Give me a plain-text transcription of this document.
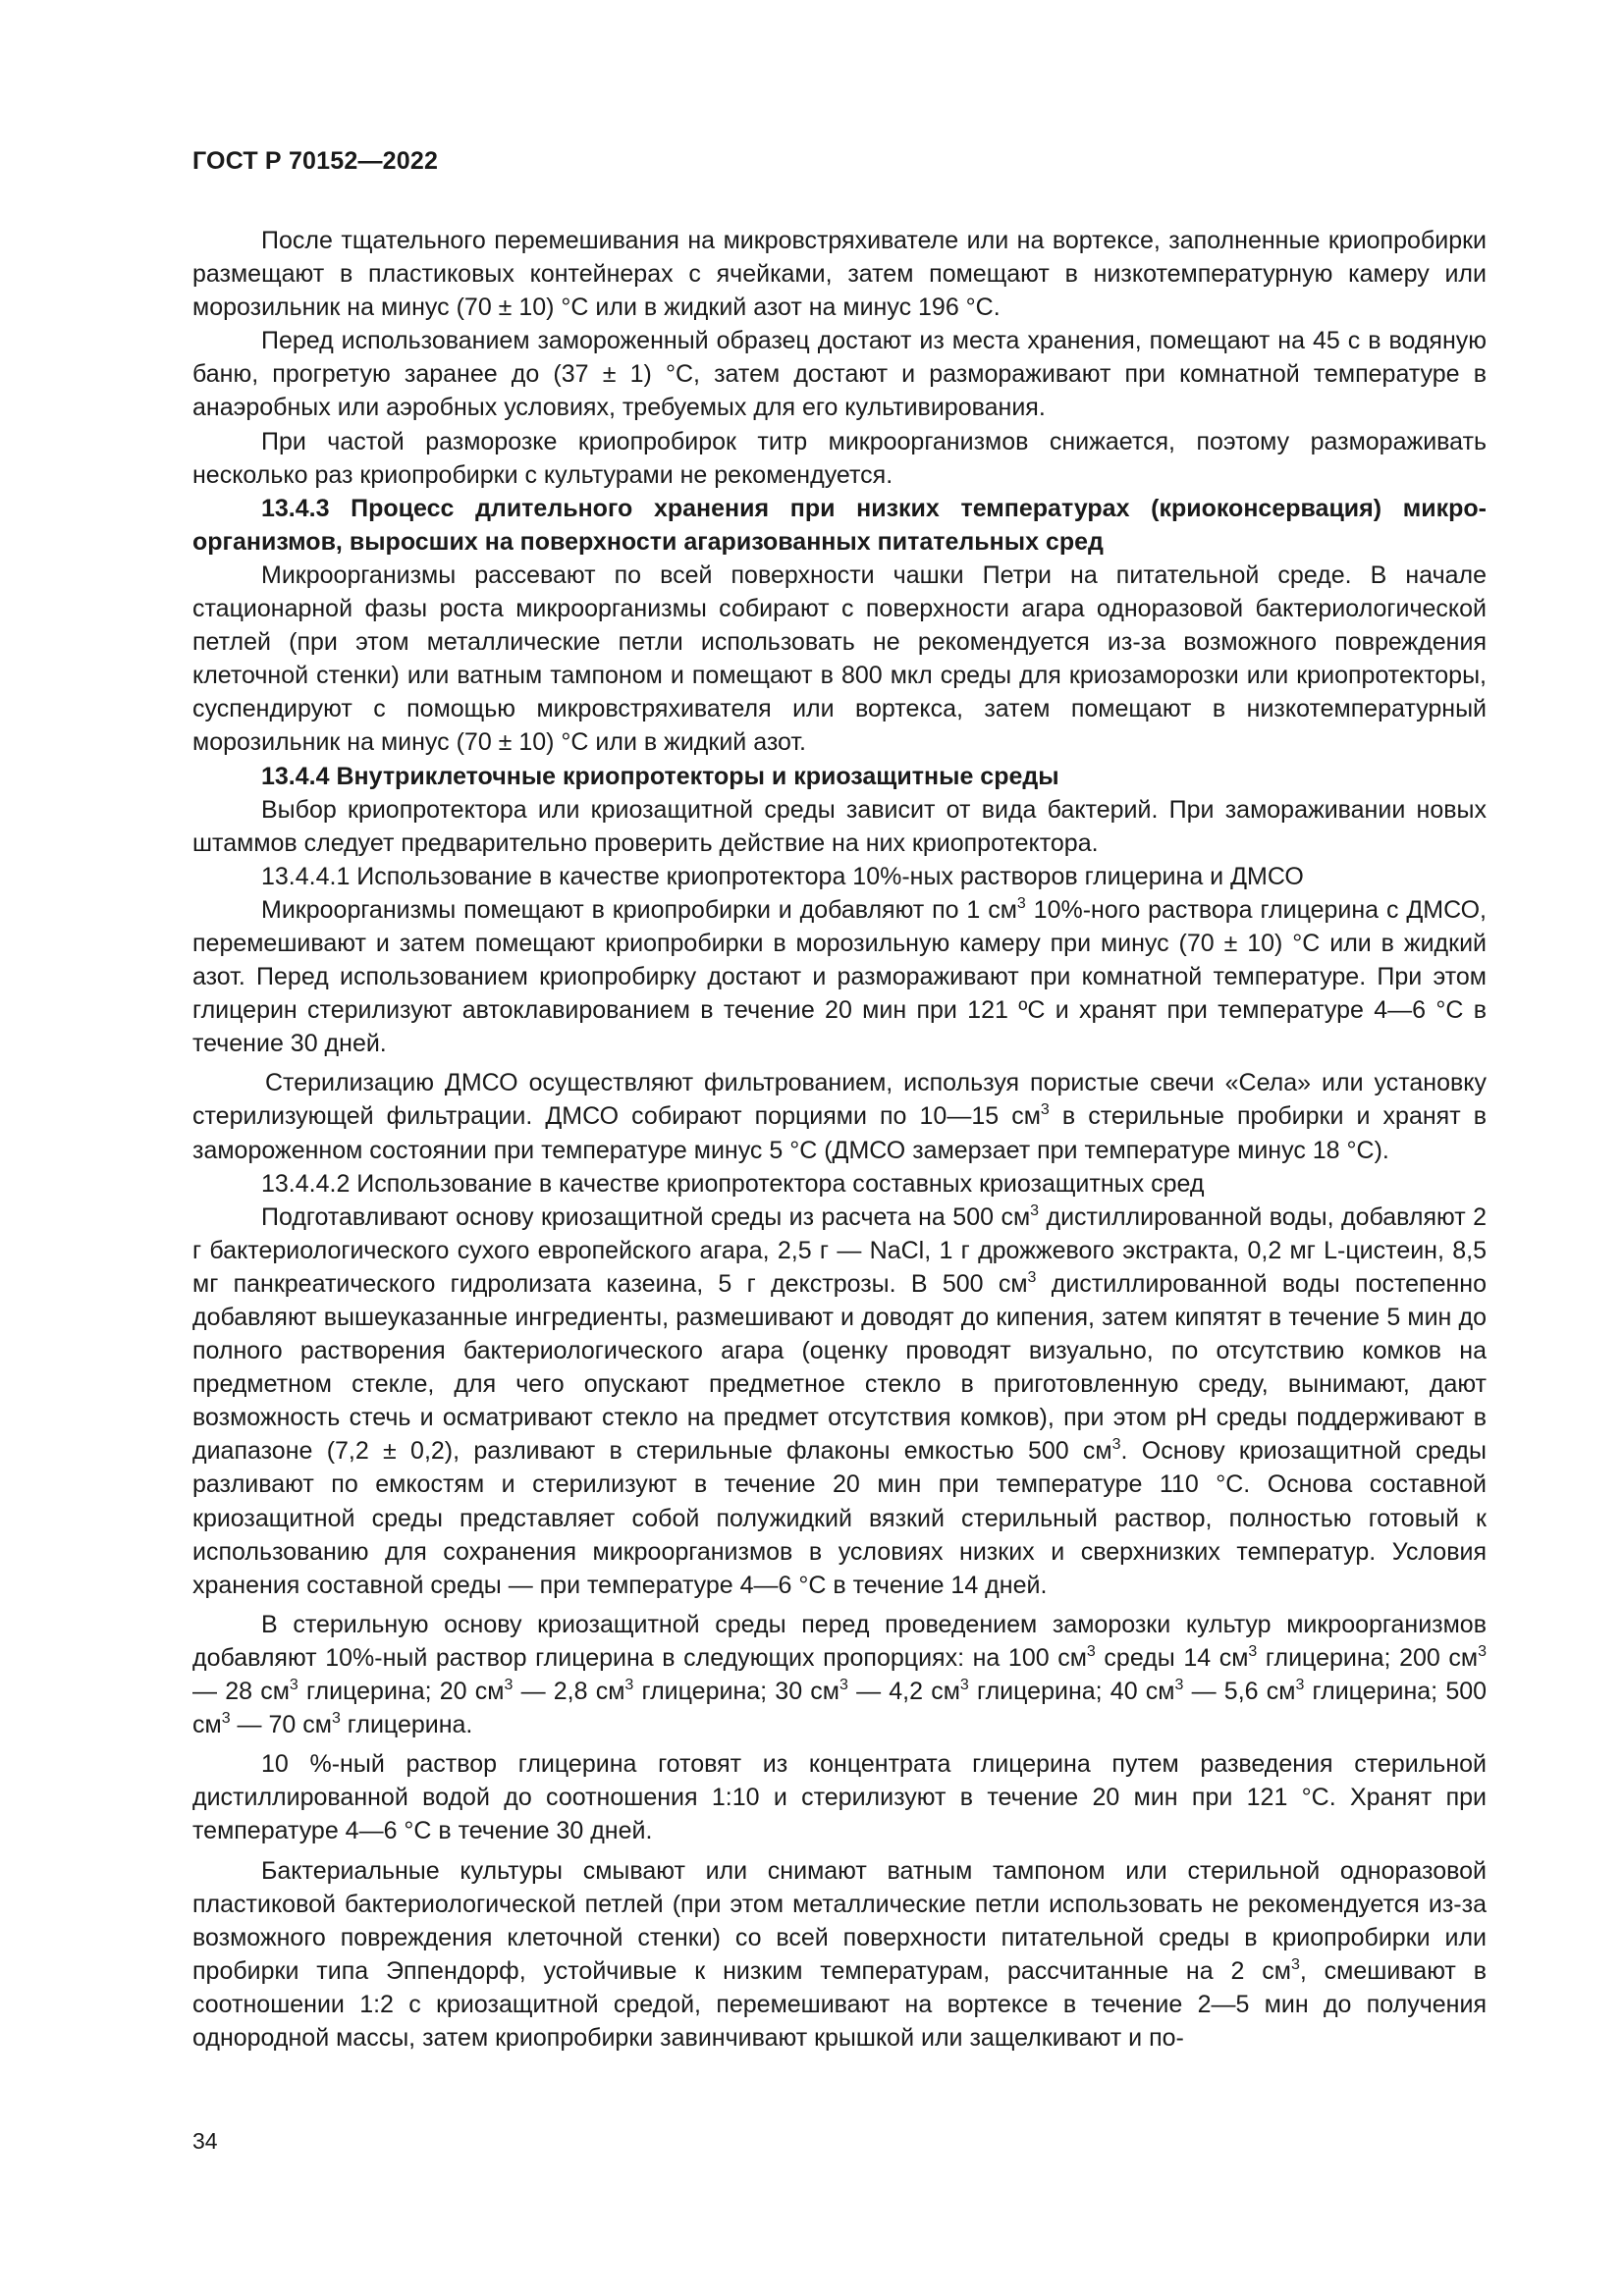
ГОСТ Р 70152—2022

После тщательного перемешивания на микровстряхивателе или на вортексе, заполненные криопробирки размещают в пластиковых контейнерах с ячейками, затем помещают в низкотемпературную камеру или морозильник на минус (70 ± 10) °С или в жидкий азот на минус 196 °С.

Перед использованием замороженный образец достают из места хранения, помещают на 45 с в водяную баню, прогретую заранее до (37 ± 1) °С, затем достают и размораживают при комнатной температуре в анаэробных или аэробных условиях, требуемых для его культивирования.

При частой разморозке криопробирок титр микроорганизмов снижается, поэтому размораживать несколько раз криопробирки с культурами не рекомендуется.

13.4.3 Процесс длительного хранения при низких температурах (криоконсервация) микроорганизмов, выросших на поверхности агаризованных питательных сред

Микроорганизмы рассевают по всей поверхности чашки Петри на питательной среде. В начале стационарной фазы роста микроорганизмы собирают с поверхности агара одноразовой бактериологической петлей (при этом металлические петли использовать не рекомендуется из-за возможного повреждения клеточной стенки) или ватным тампоном и помещают в 800 мкл среды для криозаморозки или криопротекторы, суспендируют с помощью микровстряхивателя или вортекса, затем помещают в низкотемпературный морозильник на минус (70 ± 10) °С или в жидкий азот.

13.4.4 Внутриклеточные криопротекторы и криозащитные среды

Выбор криопротектора или криозащитной среды зависит от вида бактерий. При замораживании новых штаммов следует предварительно проверить действие на них криопротектора.

13.4.4.1 Использование в качестве криопротектора 10%-ных растворов глицерина и ДМСО

Микроорганизмы помещают в криопробирки и добавляют по 1 $см^3$ 10%-ного раствора глицерина с ДМСО, перемешивают и затем помещают криопробирки в морозильную камеру при минус (70 ± 10) °С или в жидкий азот. Перед использованием криопробирку достают и размораживают при комнатной температуре. При этом глицерин стерилизуют автоклавированием в течение 20 мин при 121 ºС и хранят при температуре 4—6 °С в течение 30 дней.

Стерилизацию ДМСО осуществляют фильтрованием, используя пористые свечи «Села» или установку стерилизующей фильтрации. ДМСО собирают порциями по 10—15 $см^3$ в стерильные пробирки и хранят в замороженном состоянии при температуре минус 5 °С (ДМСО замерзает при температуре минус 18 °С).

13.4.4.2 Использование в качестве криопротектора составных криозащитных сред

Подготавливают основу криозащитной среды из расчета на 500 $см^3$ дистиллированной воды, добавляют 2 г бактериологического сухого европейского агара, 2,5 г — NaCl, 1 г дрожжевого экстракта, 0,2 мг L-цистеин, 8,5 мг панкреатического гидролизата казеина, 5 г декстрозы. В 500 $см^3$ дистиллированной воды постепенно добавляют вышеуказанные ингредиенты, размешивают и доводят до кипения, затем кипятят в течение 5 мин до полного растворения бактериологического агара (оценку проводят визуально, по отсутствию комков на предметном стекле, для чего опускают предметное стекло в приготовленную среду, вынимают, дают возможность стечь и осматривают стекло на предмет отсутствия комков), при этом pH среды поддерживают в диапазоне (7,2 ± 0,2), разливают в стерильные флаконы емкостью 500 $см^3$. Основу криозащитной среды разливают по емкостям и стерилизуют в течение 20 мин при температуре 110 °С. Основа составной криозащитной среды представляет собой полужидкий вязкий стерильный раствор, полностью готовый к использованию для сохранения микроорганизмов в условиях низких и сверхнизких температур. Условия хранения составной среды — при температуре 4—6 °С в течение 14 дней.

В стерильную основу криозащитной среды перед проведением заморозки культур микроорганизмов добавляют 10%-ный раствор глицерина в следующих пропорциях: на 100 $см^3$ среды 14 $см^3$ глицерина; 200 $см^3$ — 28 $см^3$ глицерина; 20 $см^3$ — 2,8 $см^3$ глицерина; 30 $см^3$ — 4,2 $см^3$ глицерина; 40 $см^3$ — 5,6 $см^3$ глицерина; 500 $см^3$ — 70 $см^3$ глицерина.

10 %-ный раствор глицерина готовят из концентрата глицерина путем разведения стерильной дистиллированной водой до соотношения 1:10 и стерилизуют в течение 20 мин при 121 °С. Хранят при температуре 4—6 °С в течение 30 дней.

Бактериальные культуры смывают или снимают ватным тампоном или стерильной одноразовой пластиковой бактериологической петлей (при этом металлические петли использовать не рекомендуется из-за возможного повреждения клеточной стенки) со всей поверхности питательной среды в криопробирки или пробирки типа Эппендорф, устойчивые к низким температурам, рассчитанные на 2 $см^3$, смешивают в соотношении 1:2 с криозащитной средой, перемешивают на вортексе в течение 2—5 мин до получения однородной массы, затем криопробирки завинчивают крышкой или защелкивают и по-

34
